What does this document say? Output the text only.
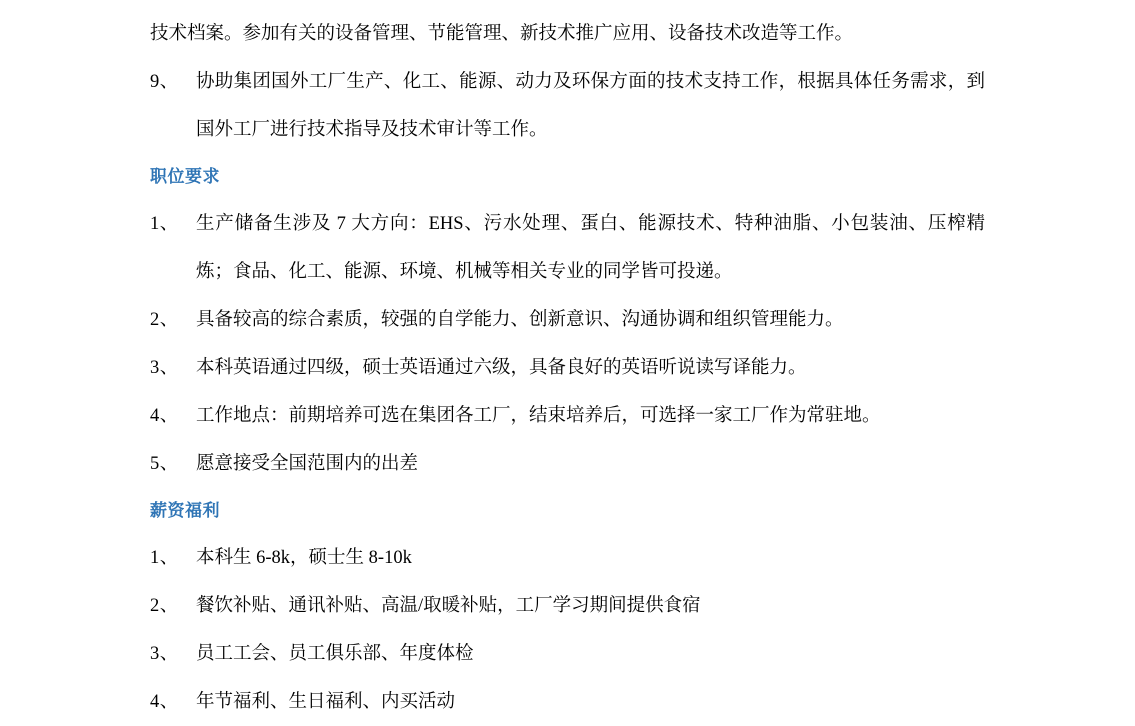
技术档案。参加有关的设备管理、节能管理、新技术推广应用、设备技术改造等工作。
9、 协助集团国外工厂生产、化工、能源、动力及环保方面的技术支持工作，根据具体任务需求，到国外工厂进行技术指导及技术审计等工作。
职位要求
1、 生产储备生涉及 7 大方向：EHS、污水处理、蛋白、能源技术、特种油脂、小包装油、压榨精炼；食品、化工、能源、环境、机械等相关专业的同学皆可投递。
2、 具备较高的综合素质，较强的自学能力、创新意识、沟通协调和组织管理能力。
3、 本科英语通过四级，硕士英语通过六级，具备良好的英语听说读写译能力。
4、 工作地点：前期培养可选在集团各工厂，结束培养后，可选择一家工厂作为常驻地。
5、 愿意接受全国范围内的出差
薪资福利
1、 本科生 6-8k，硕士生 8-10k
2、 餐饮补贴、通讯补贴、高温/取暖补贴，工厂学习期间提供食宿
3、 员工工会、员工俱乐部、年度体检
4、 年节福利、生日福利、内买活动
